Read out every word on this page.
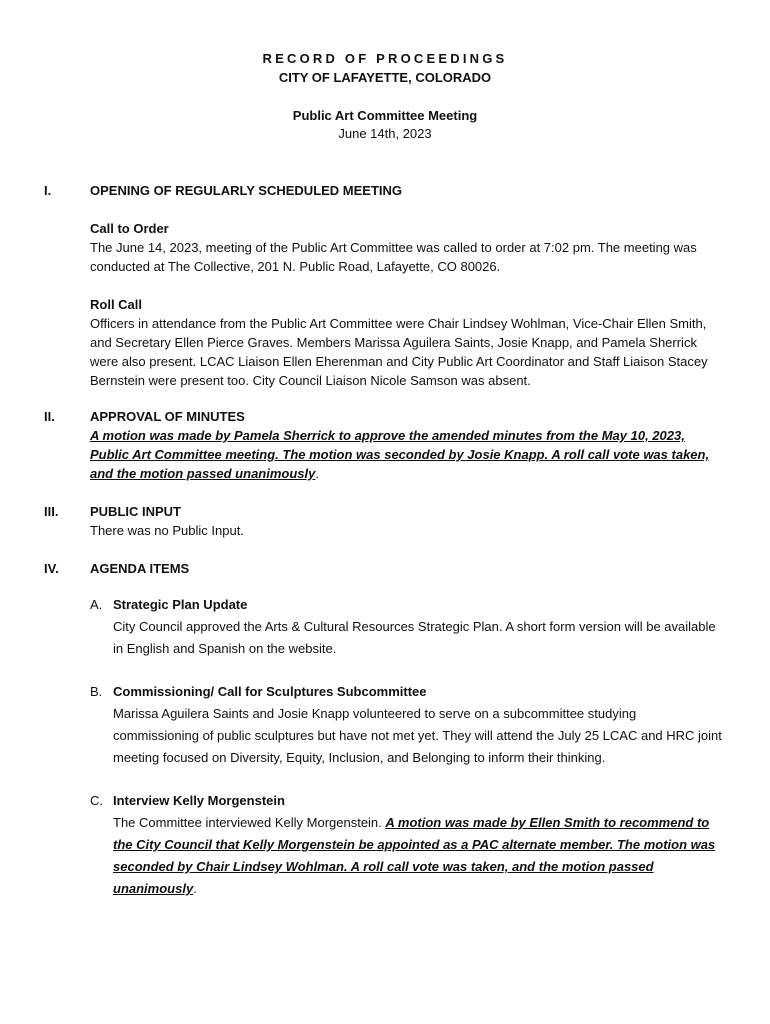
RECORD OF PROCEEDINGS
CITY OF LAFAYETTE, COLORADO
Public Art Committee Meeting
June 14th, 2023
I.	OPENING OF REGULARLY SCHEDULED MEETING
Call to Order

The June 14, 2023, meeting of the Public Art Committee was called to order at 7:02 pm. The meeting was conducted at The Collective, 201 N. Public Road, Lafayette, CO 80026.

Roll Call

Officers in attendance from the Public Art Committee were Chair Lindsey Wohlman, Vice-Chair Ellen Smith, and Secretary Ellen Pierce Graves. Members Marissa Aguilera Saints, Josie Knapp, and Pamela Sherrick were also present. LCAC Liaison Ellen Eherenman and City Public Art Coordinator and Staff Liaison Stacey Bernstein were present too. City Council Liaison Nicole Samson was absent.

II.	APPROVAL OF MINUTES

A motion was made by Pamela Sherrick to approve the amended minutes from the May 10, 2023, Public Art Committee meeting. The motion was seconded by Josie Knapp. A roll call vote was taken, and the motion passed unanimously.

III. PUBLIC INPUT

There was no Public Input.

IV. AGENDA ITEMS
A. Strategic Plan Update

City Council approved the Arts & Cultural Resources Strategic Plan. A short form version will be available in English and Spanish on the website.

B. Commissioning/ Call for Sculptures Subcommittee

Marissa Aguilera Saints and Josie Knapp volunteered to serve on a subcommittee studying commissioning of public sculptures but have not met yet. They will attend the July 25 LCAC and HRC joint meeting focused on Diversity, Equity, Inclusion, and Belonging to inform their thinking.

C. Interview Kelly Morgenstein

The Committee interviewed Kelly Morgenstein. A motion was made by Ellen Smith to recommend to the City Council that Kelly Morgenstein be appointed as a PAC alternate member. The motion was seconded by Chair Lindsey Wohlman. A roll call vote was taken, and the motion passed unanimously.
